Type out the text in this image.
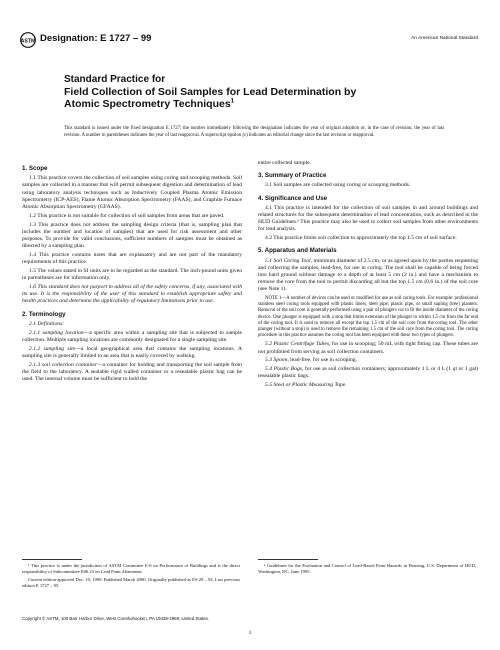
ASTM Designation: E 1727 – 99	An American National Standard
Standard Practice for
Field Collection of Soil Samples for Lead Determination by
Atomic Spectrometry Techniques$^1$
This standard is issued under the fixed designation E 1727; the number immediately following the designation indicates the year of original adoption or, in the case of revision, the year of last revision. A number in parentheses indicates the year of last reapproval. A superscript epsilon (ε) indicates an editorial change since the last revision or reapproval.

1. Scope

1.1 This practice covers the collection of soil samples using coring and scooping methods. Soil samples are collected in a manner that will permit subsequent digestion and determination of lead using laboratory analysis techniques such as Inductively Coupled Plasma Atomic Emission Spectrometry (ICP-AES), Flame Atomic Absorption Spectrometry (FAAS), and Graphite Furnace Atomic Absorption Spectrometry (GFAAS).

1.2 This practice is not suitable for collection of soil samples from areas that are paved.

1.3 This practice does not address the sampling design criteria (that is, sampling plan that includes the number and location of samples) that are used for risk assessment and other purposes. To provide for valid conclusions, sufficient numbers of samples must be obtained as directed by a sampling plan.

1.4 This practice contains notes that are explanatory and are not part of the mandatory requirements of this practice.

1.5 The values stated in SI units are to be regarded as the standard. The inch-pound units given in parentheses are for information only.

1.6 This standard does not purport to address all of the safety concerns, if any, associated with its use. It is the responsibility of the user of this standard to establish appropriate safety and health practices and determine the applicability of regulatory limitations prior to use.

2. Terminology

2.1 Definitions:

2.1.1 sampling location—a specific area within a sampling site that is subjected to sample collection. Multiple sampling locations are commonly designated for a single sampling site.

2.1.2 sampling site—a local geographical area that contains the sampling locations. A sampling site is generally limited to an area that is easily covered by walking.

2.1.3 soil collection container—a container for holding and transporting the soil sample from the field to the laboratory. A sealable rigid walled container or a resealable plastic bag can be used. The internal volume must be sufficient to hold the

entire collected sample.

3. Summary of Practice

3.1 Soil samples are collected using coring or scooping methods.

4. Significance and Use

4.1 This practice is intended for the collection of soil samples in and around buildings and related structures for the subsequent determination of lead concentration, such as described in the HUD Guidelines.² This practice may also be used to collect soil samples from other environments for lead analysis.

4.2 This practice limits soil collection to approximately the top 1.5 cm of soil surface.

5. Apparatus and Materials

5.1 Soil Coring Tool, minimum diameter of 2.5 cm, or as agreed upon by the parties requesting and collecting the samples, lead-free, for use in coring. The tool shall be capable of being forced into hard ground without damage to a depth of at least 5 cm (2 in.) and have a mechanism to remove the core from the tool to permit discarding all but the top 1.5 cm (0.6 in.) of the soil core (see Note 1).

NOTE 1—A number of devices can be used or modified for use as soil coring tools. For example: professional stainless steel coring tools equipped with plastic liners, steel pipe, plastic pipe, or small sapling (tree) planters. Removal of the soil core is generally performed using a pair of plungers cut to fit the inside diameter of the coring device. One plunger is equipped with a stop that limits extension of the plunger to within 1.5 cm from the far end of the coring tool. It is used to remove all except the top 1.5 cm of the soil core from the coring tool. The other plunger (without a stop) is used to remove the remaining 1.5 cm of the soil core from the coring tool. The coring procedure in this practice assumes the coring tool has been equipped with these two types of plungers.

5.2 Plastic Centrifuge Tubes, for use in scooping; 50 mL with tight fitting cap. These tubes are not prohibited from serving as soil collection containers.

5.3 Spoon, lead-free, for use in scooping.

5.4 Plastic Bags, for use as soil collection containers; approximately 1 L or 4 L (1 qt or 1 gal) resealable plastic bags.

5.5 Steel or Plastic Measuring Tape.

¹ This practice is under the jurisdiction of ASTM Committee E-6 on Performance of Buildings and is the direct responsibility of Subcommittee E06.23 on Lead Paint Abatement.

Current edition approved Dec. 10, 1999. Published March 2000. Originally published as ES 29 – 94. Last previous edition E 1727 – 95.

² Guidelines for the Evaluation and Control of Lead-Based Paint Hazards in Housing, U.S. Department of HUD, Washington, DC, June 1995.

Copyright © ASTM, 100 Barr Harbor Drive, West Conshohocken, PA 19428-2959, United States.
1
